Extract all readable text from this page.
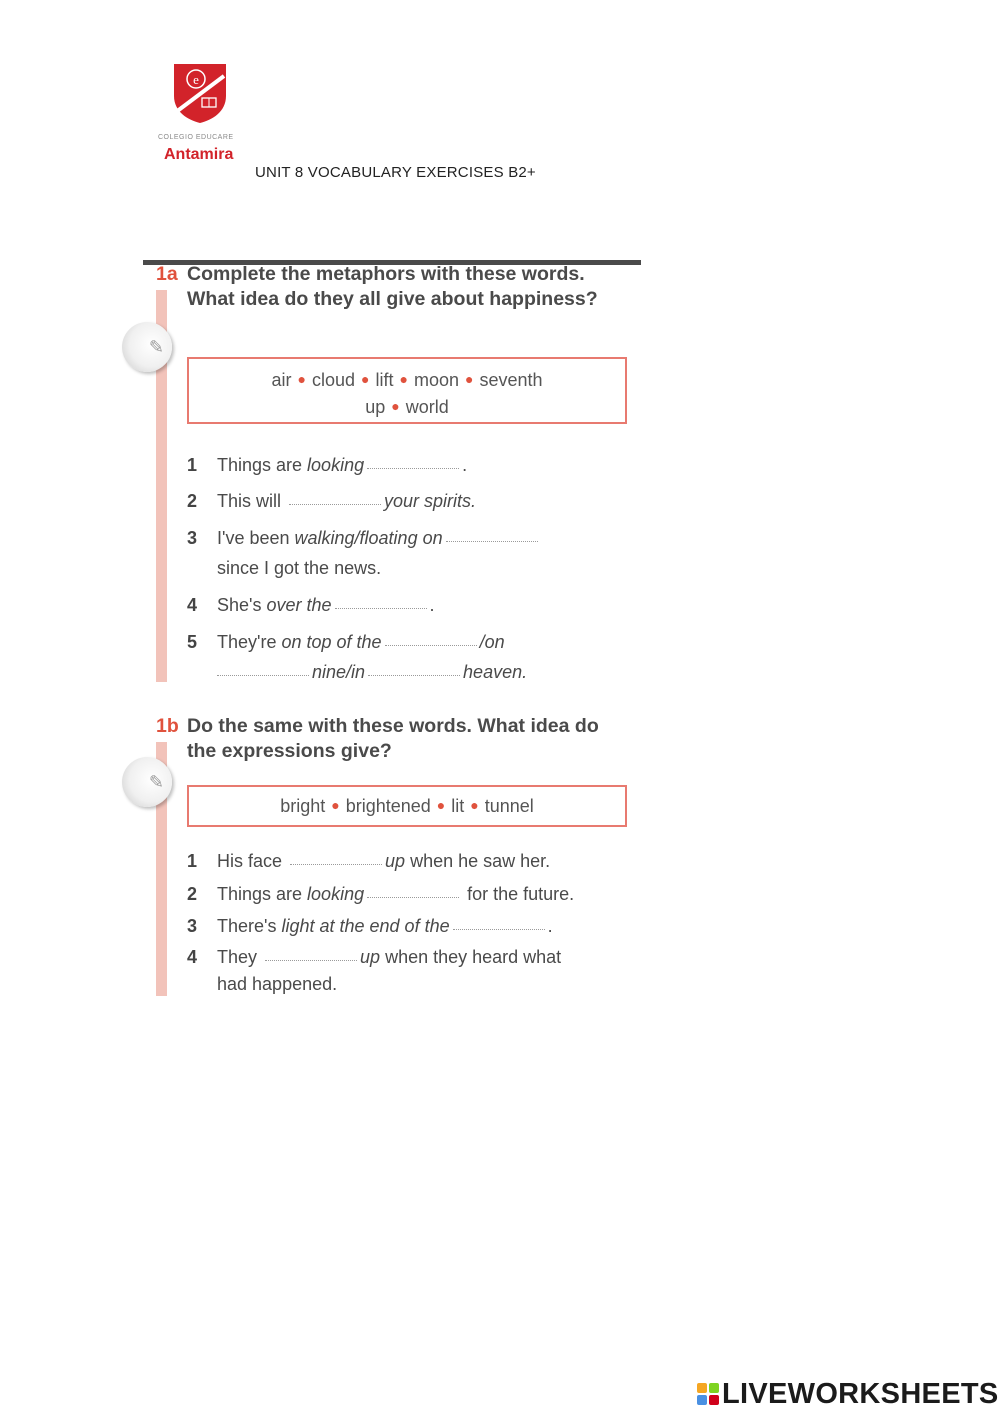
e
COLEGIO EDUCARE
Antamira
UNIT 8 VOCABULARY EXERCISES B2+
✎
1a Complete the metaphors with these words. What idea do they all give about happiness?
air ● cloud ● lift ● moon ● seventh
up ● world
1 Things are looking	.
2 This will	your spirits.
3 I've been walking/floating on
since I got the news.
4 She's over the	.
5 They're on top of the	/on
nine/in	heaven.
✎
1b Do the same with these words. What idea do the expressions give?
bright ● brightened ● lit ● tunnel
1 His face	up when he saw her.
2 Things are looking	for the future.
3 There's light at the end of the	.
4 They	up when they heard what
had happened.
LIVEWORKSHEETS
